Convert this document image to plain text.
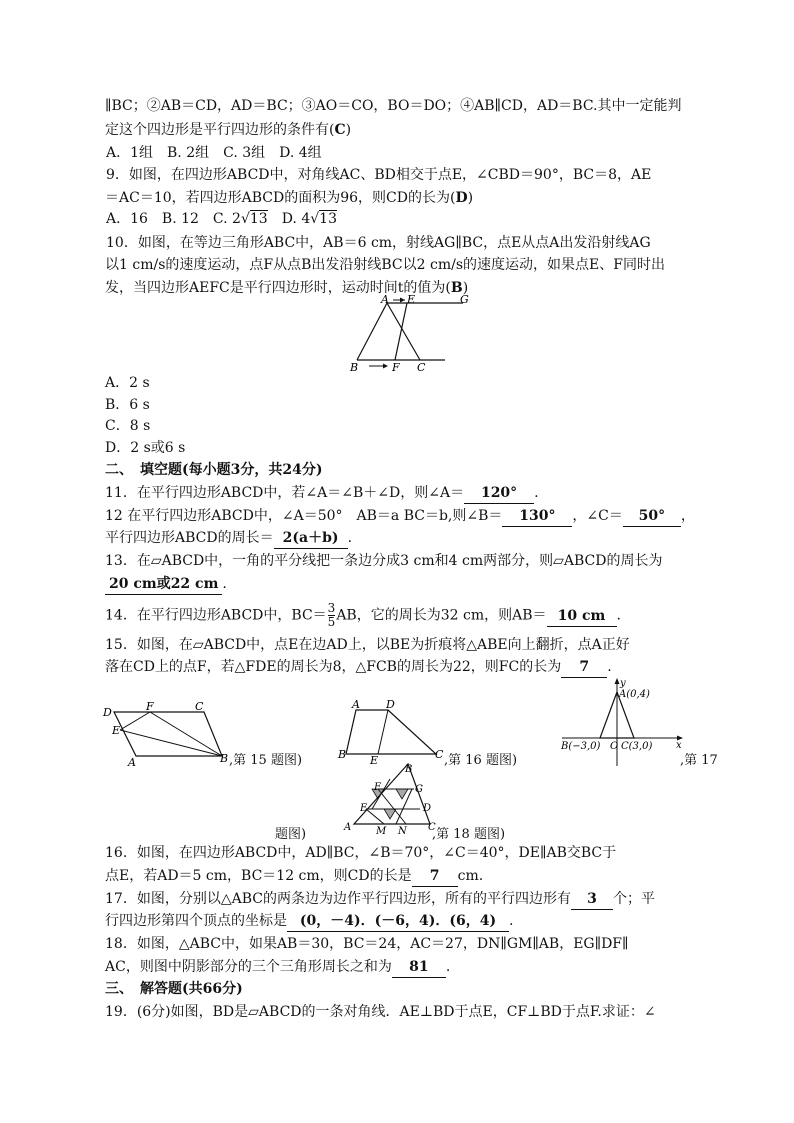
∥BC；②AB＝CD，AD＝BC；③AO＝CO，BO＝DO；④AB∥CD，AD＝BC.其中一定能判
定这个四边形是平行四边形的条件有(C)
A．1组　B. 2组　C. 3组　D. 4组
9．如图，在四边形ABCD中，对角线AC、BD相交于点E，∠CBD＝90°，BC＝8，AE
＝AC＝10，若四边形ABCD的面积为96，则CD的长为(D)
A．16　B. 12　C. 2√13　D. 4√13
10．如图，在等边三角形ABC中，AB＝6 cm，射线AG∥BC，点E从点A出发沿射线AG
以1 cm/s的速度运动，点F从点B出发沿射线BC以2 cm/s的速度运动，如果点E、F同时出
发，当四边形AEFC是平行四边形时，运动时间t的值为(B)
A E	G
B	F C
A．2 s
B．6 s
C．8 s
D．2 s或6 s
二、　填空题(每小题3分，共24分)
11．在平行四边形ABCD中，若∠A＝∠B＋∠D，则∠A＝ 120° .
12 在平行四边形ABCD中，∠A＝50°　AB＝a BC＝b,则∠B＝ 130° ，∠C＝ 50° ，
平行四边形ABCD的周长＝ 2(a＋b) .
13．在▱ABCD中，一角的平分线把一条边分成3 cm和4 cm两部分，则▱ABCD的周长为
20 cm或22 cm .
14．在平行四边形ABCD中，$BC= \frac{3}{5}$ AB，它的周长为32 cm，则AB＝ 10 cm .
15．如图，在▱ABCD中，点E在边AD上，以BE为折痕将△ABE向上翻折，点A正好
落在CD上的点F，若△FDE的周长为8，△FCB的周长为22，则FC的长为 7 .
D	F	C
E
A	B ,第 15 题图)
A D
B E	C ,第 16 题图)
y
x
A(0,4)
B(−3,0) O C(3,0)
,第 17
B
F	G
E	D
A M N C
题图)	,第 18 题图)
16．如图，在四边形ABCD中，AD∥BC，∠B＝70°，∠C＝40°，DE∥AB交BC于
点E，若AD＝5 cm，BC＝12 cm，则CD的长是 7 cm.
17．如图，分别以△ABC的两条边为边作平行四边形，所有的平行四边形有 3 个；平
行四边形第四个顶点的坐标是 (0，－4)．(－6，4)．(6，4) .
18．如图，△ABC中，如果AB＝30，BC＝24，AC＝27，DN∥GM∥AB，EG∥DF∥
AC，则图中阴影部分的三个三角形周长之和为 81 .
三、　解答题(共66分)
19．(6分)如图，BD是▱ABCD的一条对角线．AE⊥BD于点E，CF⊥BD于点F.求证：∠
